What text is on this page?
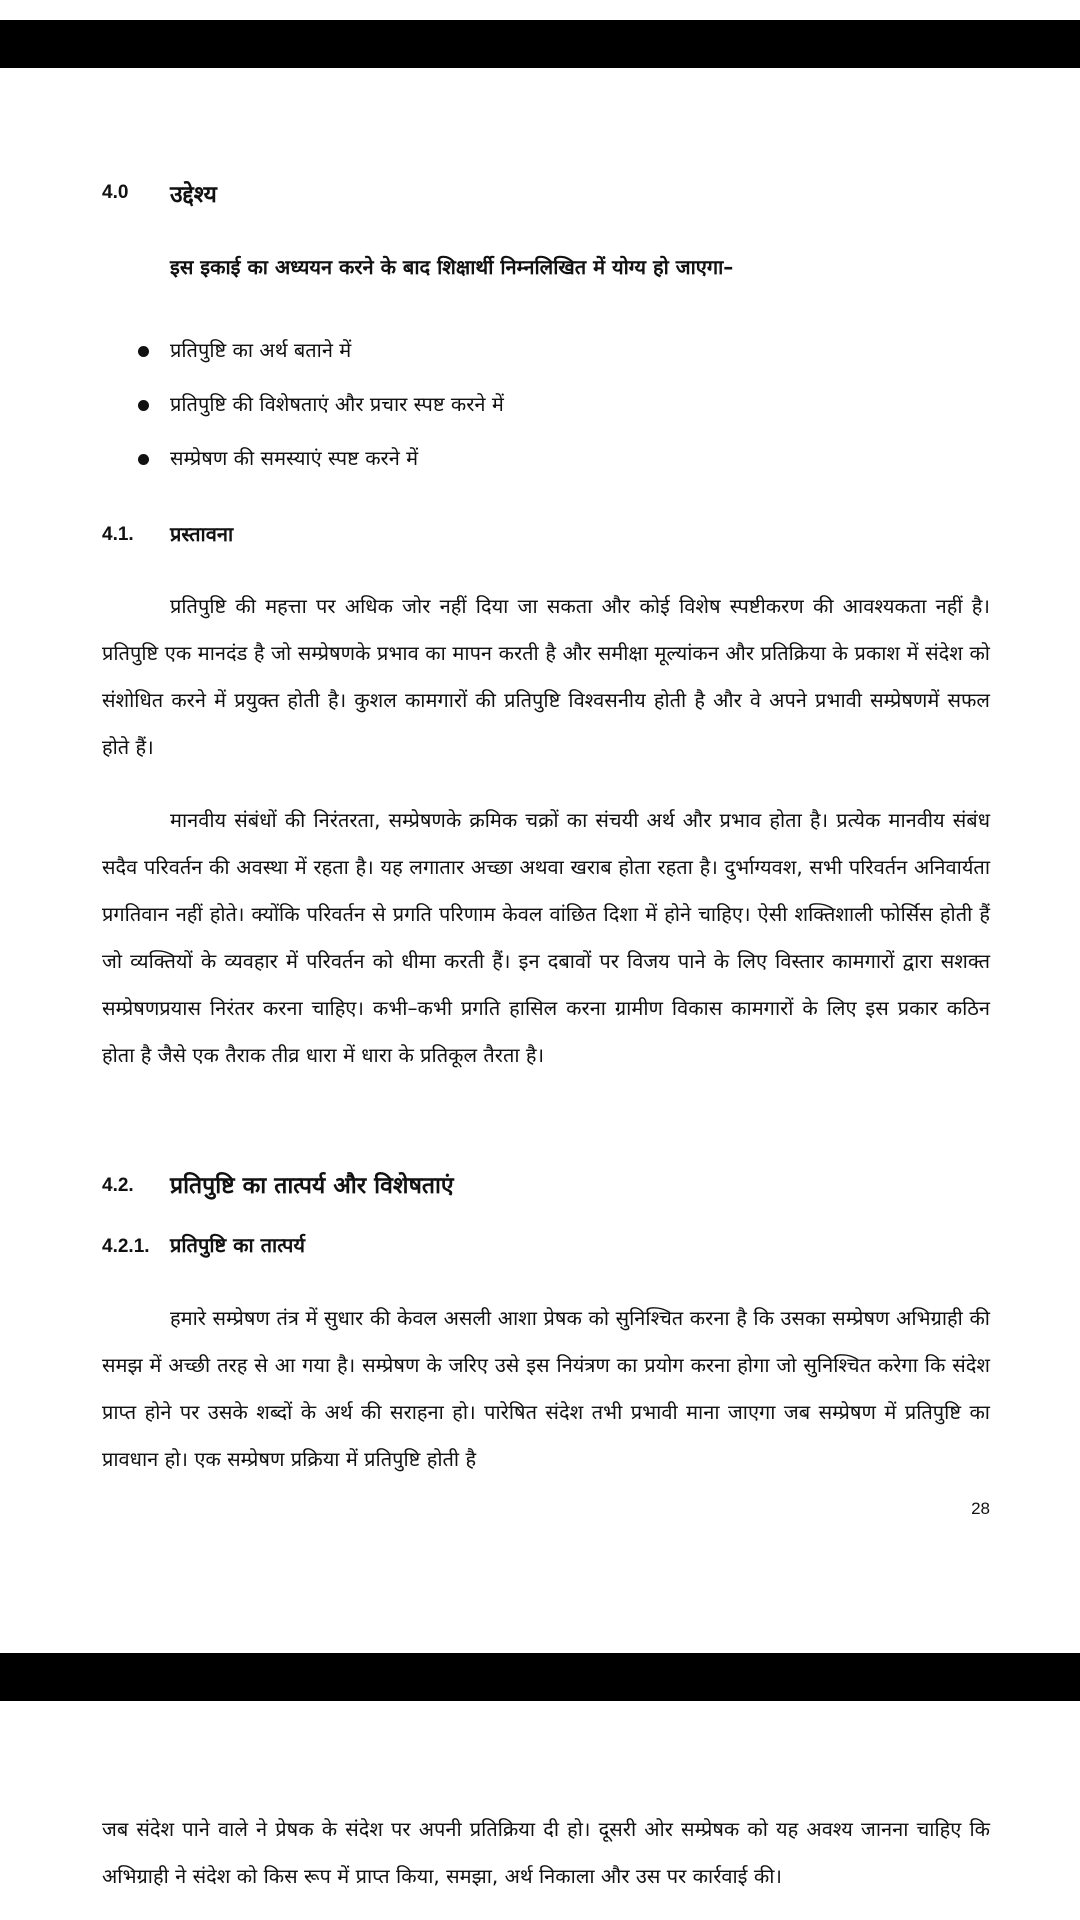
4.0 उद्देश्य
इस इकाई का अध्ययन करने के बाद शिक्षार्थी निम्नलिखित में योग्य हो जाएगा–
प्रतिपुष्टि का अर्थ बताने में
प्रतिपुष्टि की विशेषताएं और प्रचार स्पष्ट करने में
सम्प्रेषण की समस्याएं स्पष्ट करने में
4.1. प्रस्तावना

प्रतिपुष्टि की महत्ता पर अधिक जोर नहीं दिया जा सकता और कोई विशेष स्पष्टीकरण की आवश्यकता नहीं है। प्रतिपुष्टि एक मानदंड है जो सम्प्रेषणके प्रभाव का मापन करती है और समीक्षा मूल्यांकन और प्रतिक्रिया के प्रकाश में संदेश को संशोधित करने में प्रयुक्त होती है। कुशल कामगारों की प्रतिपुष्टि विश्वसनीय होती है और वे अपने प्रभावी सम्प्रेषणमें सफल होते हैं।

मानवीय संबंधों की निरंतरता, सम्प्रेषणके क्रमिक चक्रों का संचयी अर्थ और प्रभाव होता है। प्रत्येक मानवीय संबंध सदैव परिवर्तन की अवस्था में रहता है। यह लगातार अच्छा अथवा खराब होता रहता है। दुर्भाग्यवश, सभी परिवर्तन अनिवार्यता प्रगतिवान नहीं होते। क्योंकि परिवर्तन से प्रगति परिणाम केवल वांछित दिशा में होने चाहिए। ऐसी शक्तिशाली फोर्सिस होती हैं जो व्यक्तियों के व्यवहार में परिवर्तन को धीमा करती हैं। इन दबावों पर विजय पाने के लिए विस्तार कामगारों द्वारा सशक्त सम्प्रेषणप्रयास निरंतर करना चाहिए। कभी–कभी प्रगति हासिल करना ग्रामीण विकास कामगारों के लिए इस प्रकार कठिन होता है जैसे एक तैराक तीव्र धारा में धारा के प्रतिकूल तैरता है।

4.2. प्रतिपुष्टि का तात्पर्य और विशेषताएं
4.2.1. प्रतिपुष्टि का तात्पर्य

हमारे सम्प्रेषण तंत्र में सुधार की केवल असली आशा प्रेषक को सुनिश्चित करना है कि उसका सम्प्रेषण अभिग्राही की समझ में अच्छी तरह से आ गया है। सम्प्रेषण के जरिए उसे इस नियंत्रण का प्रयोग करना होगा जो सुनिश्चित करेगा कि संदेश प्राप्त होने पर उसके शब्दों के अर्थ की सराहना हो। पारेषित संदेश तभी प्रभावी माना जाएगा जब सम्प्रेषण में प्रतिपुष्टि का प्रावधान हो। एक सम्प्रेषण प्रक्रिया में प्रतिपुष्टि होती है

28

जब संदेश पाने वाले ने प्रेषक के संदेश पर अपनी प्रतिक्रिया दी हो। दूसरी ओर सम्प्रेषक को यह अवश्य जानना चाहिए कि अभिग्राही ने संदेश को किस रूप में प्राप्त किया, समझा, अर्थ निकाला और उस पर कार्रवाई की।
